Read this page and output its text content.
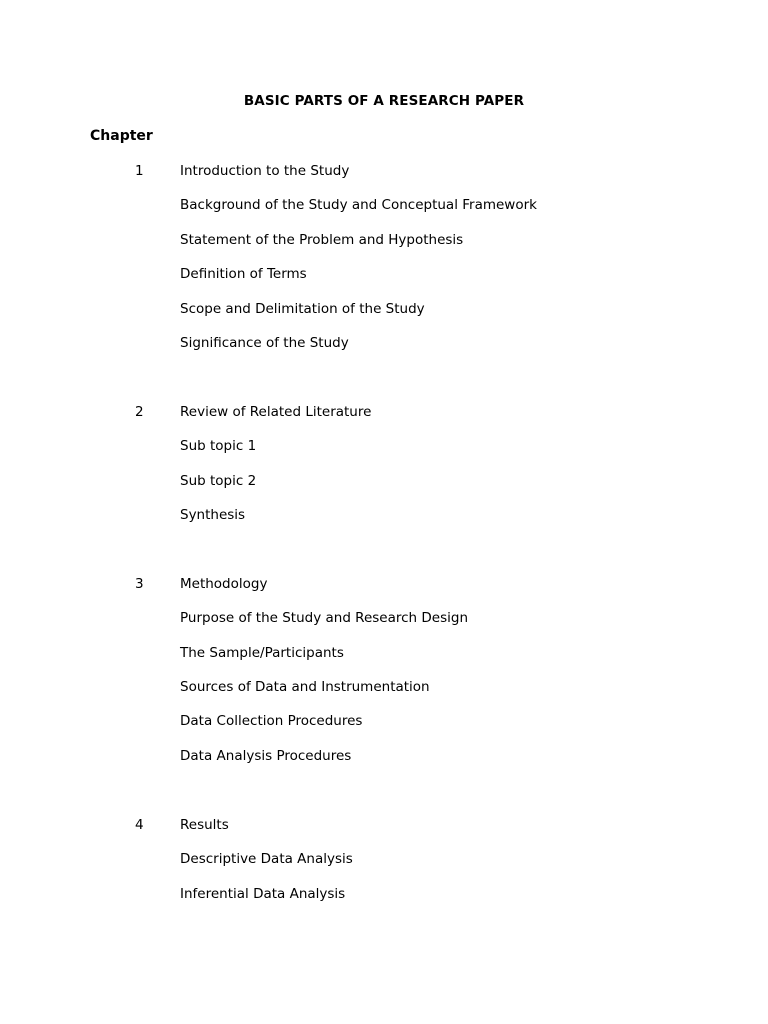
BASIC PARTS OF A RESEARCH PAPER
Chapter
1	Introduction to the Study
Background of the Study and Conceptual Framework
Statement of the Problem and Hypothesis
Definition of Terms
Scope and Delimitation of the Study
Significance of the Study
2	Review of Related Literature
Sub topic 1
Sub topic 2
Synthesis
3	Methodology
Purpose of the Study and Research Design
The Sample/Participants
Sources of Data and Instrumentation
Data Collection Procedures
Data Analysis Procedures
4	Results
Descriptive Data Analysis
Inferential Data Analysis
